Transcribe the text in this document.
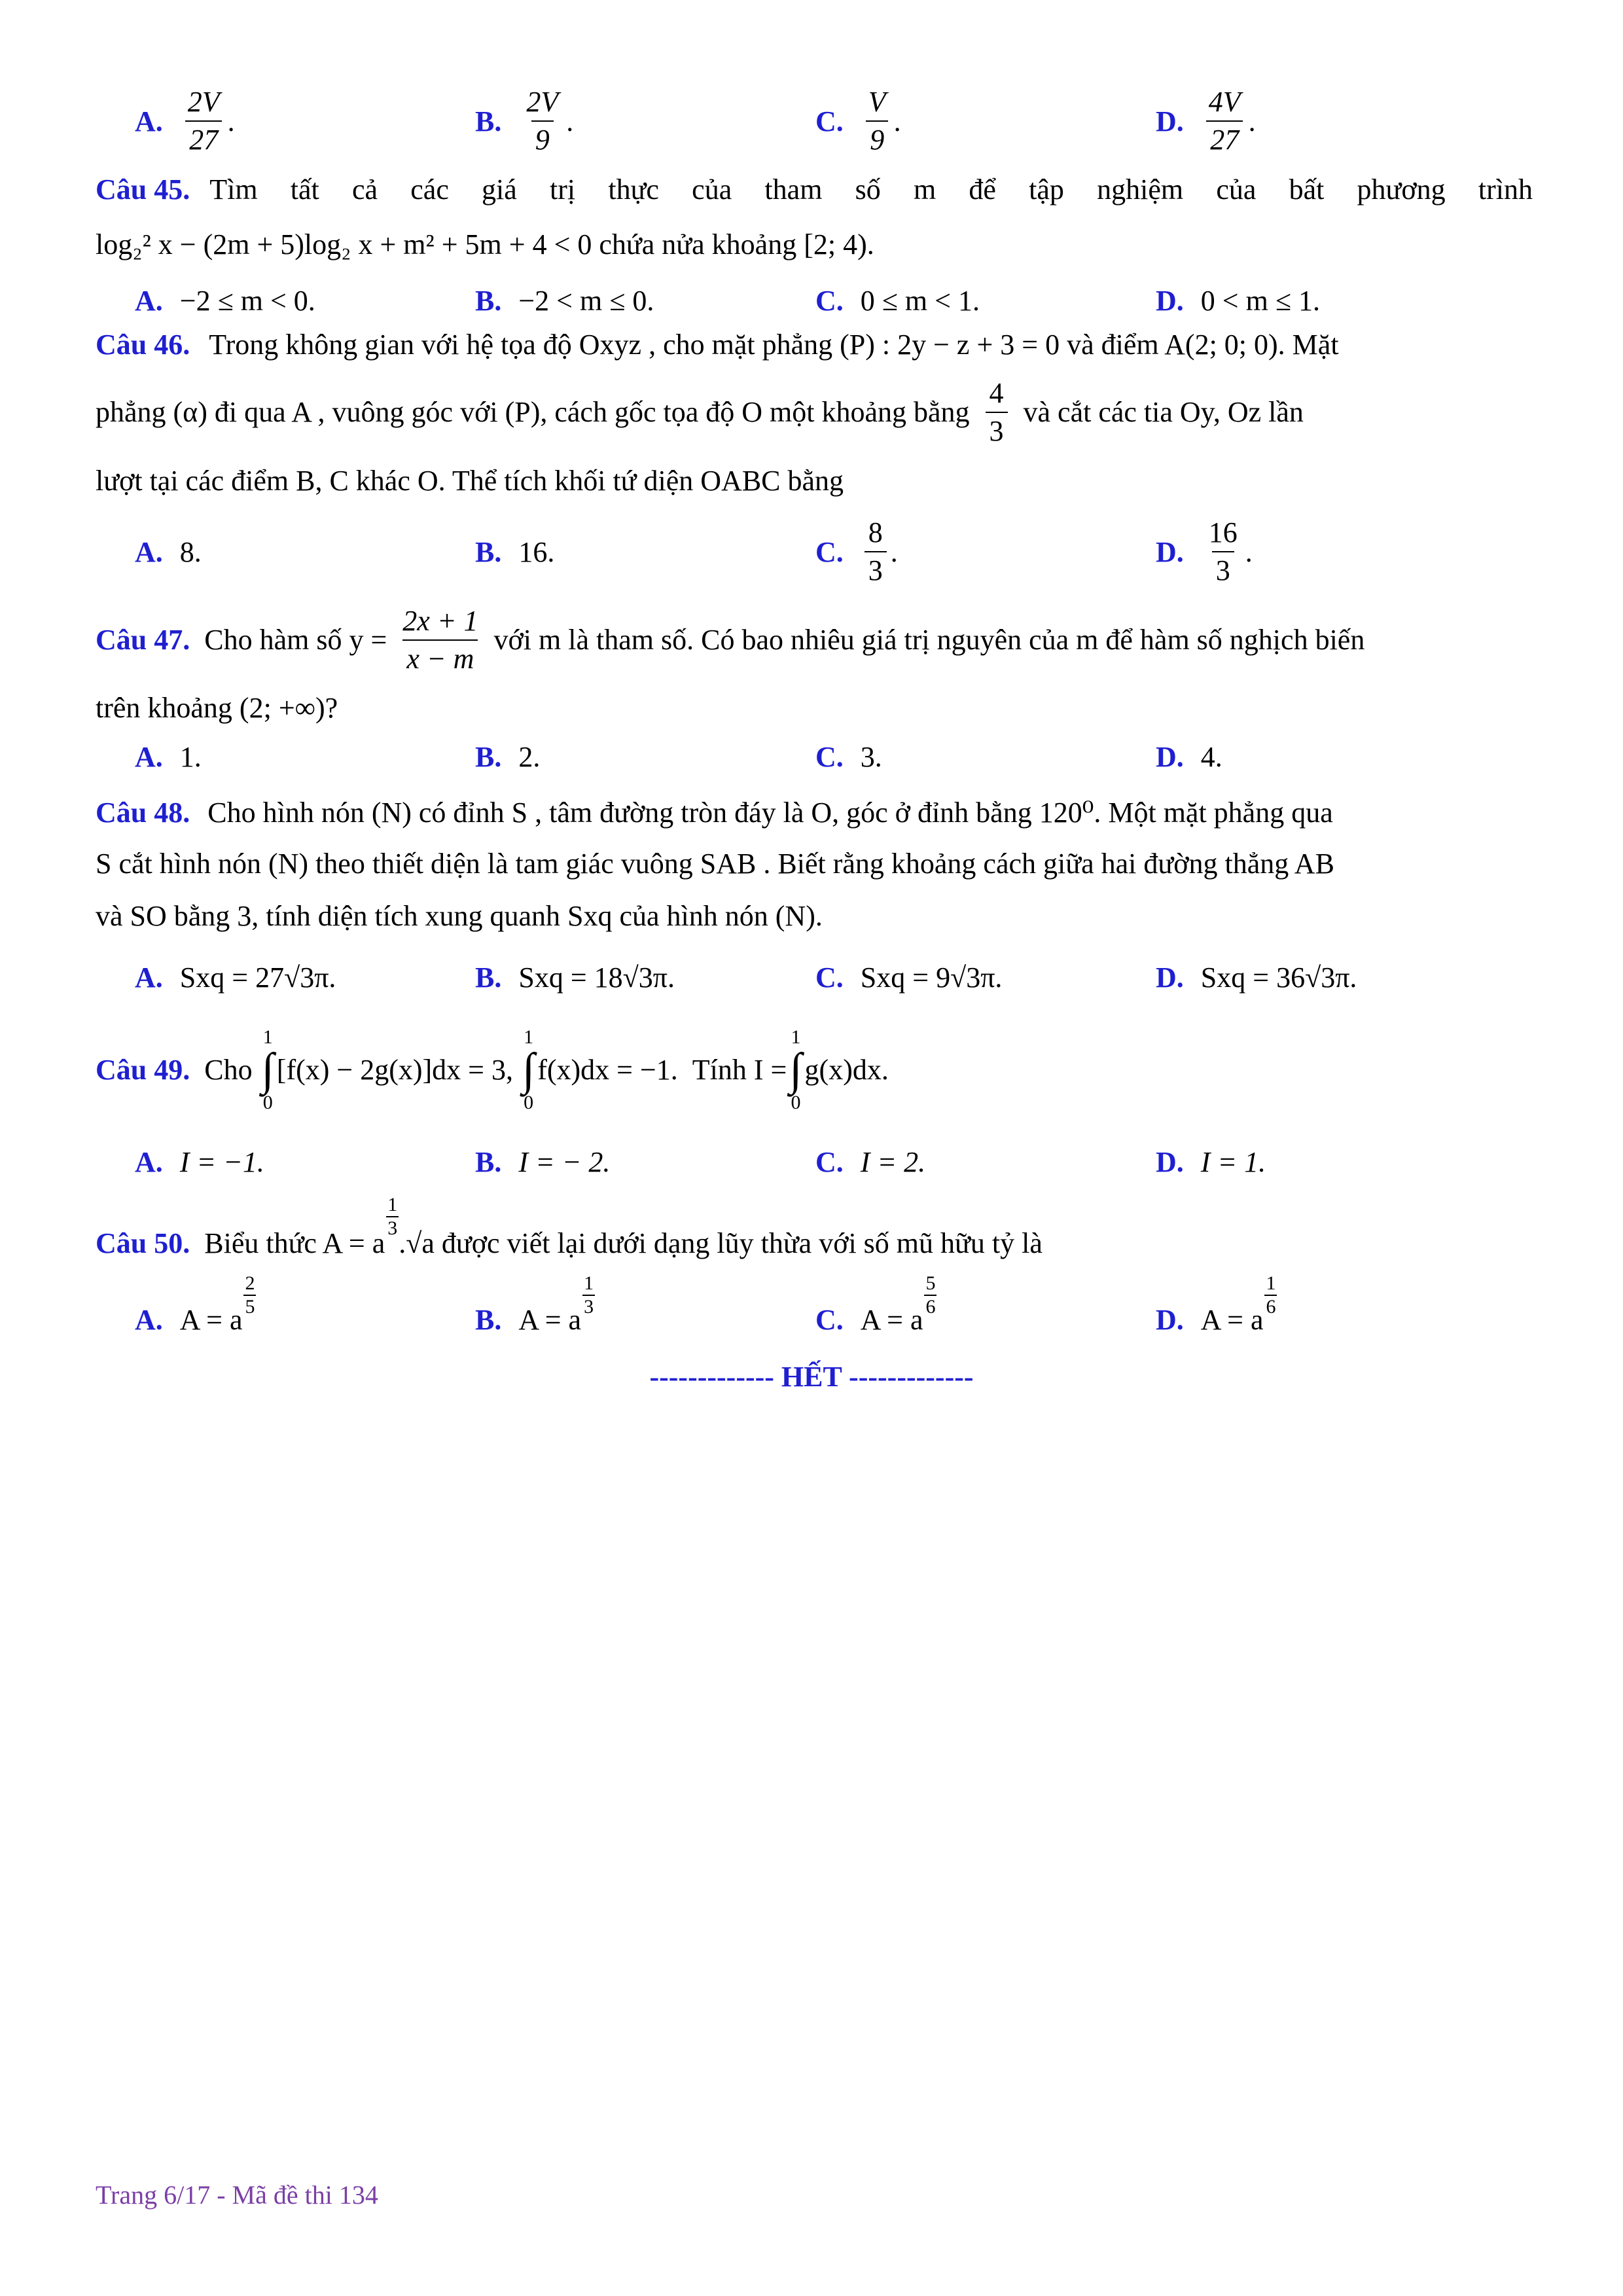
A. $\frac{2V}{27}$ .	B. $\frac{2V}{9}$ .	C. $\frac{V}{9}$ .	D. $\frac{4V}{27}$ .
Câu 45. Tìm tất cả các giá trị thực của tham số m để tập nghiệm của bất phương trình
log₂² x − (2m + 5)log₂ x + m² + 5m + 4 < 0 chứa nửa khoảng [2; 4).
A. −2 ≤ m < 0.	B. −2 < m ≤ 0.	C. 0 ≤ m < 1.	D. 0 < m ≤ 1.
Câu 46. Trong không gian với hệ tọa độ Oxyz , cho mặt phẳng (P) : 2y − z + 3 = 0 và điểm A(2; 0; 0). Mặt
phẳng (α) đi qua A , vuông góc với (P), cách gốc tọa độ O một khoảng bằng $\frac{4}{3}$ và cắt các tia Oy, Oz lần
lượt tại các điểm B, C khác O. Thể tích khối tứ diện OABC bằng
A. 8.	B. 16.	C. $\frac{8}{3}$ .	D. $\frac{16}{3}$ .
Câu 47. Cho hàm số $y = \frac{2x + 1}{x - m}$ với m là tham số. Có bao nhiêu giá trị nguyên của m để hàm số nghịch biến
trên khoảng (2; +∞)?
A. 1.	B. 2.	C. 3.	D. 4.
Câu 48. Cho hình nón (N) có đỉnh S , tâm đường tròn đáy là O, góc ở đỉnh bằng 120⁰. Một mặt phẳng qua
S cắt hình nón (N) theo thiết diện là tam giác vuông SAB . Biết rằng khoảng cách giữa hai đường thẳng AB
và SO bằng 3, tính diện tích xung quanh Sxq của hình nón (N).
A. Sxq = 27√3π.	B. Sxq = 18√3π.	C. Sxq = 9√3π.	D. Sxq = 36√3π.
Câu 49. Cho
1
∫
0
[f(x) − 2g(x)]dx = 3,
1
∫
0
f(x)dx = −1. Tính I =
1
∫
0
g(x)dx.
A. I = −1.	B. I = − 2.	C. I = 2.	D. I = 1.
Câu 50. Biểu thức A = a
$\frac{1}{3}$
.√a được viết lại dưới dạng lũy thừa với số mũ hữu tỷ là
A. A = a
$\frac{2}{5}$
B. A = a
$\frac{1}{3}$
C. A = a
$\frac{5}{6}$
D. A = a
$\frac{1}{6}$
------------- HẾT -------------
Trang 6/17 - Mã đề thi 134
